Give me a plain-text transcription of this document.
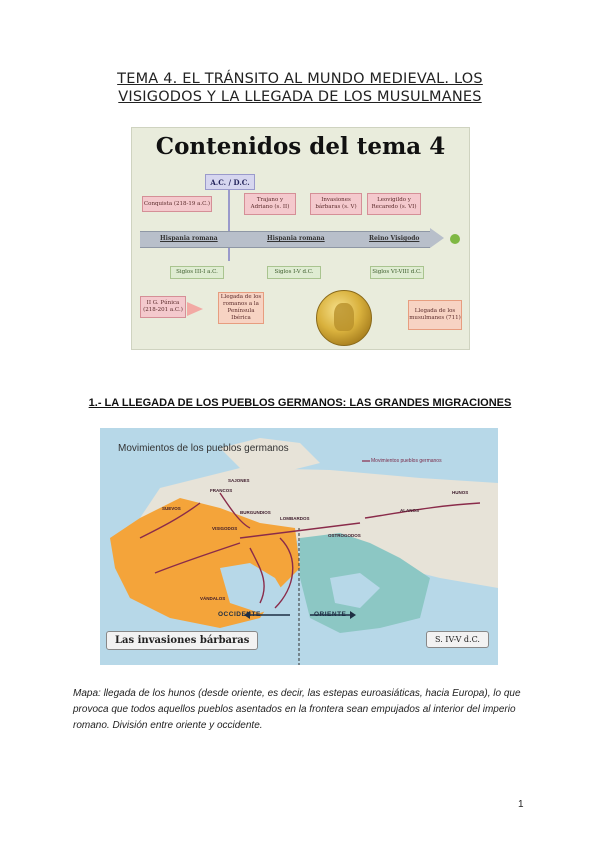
TEMA 4. EL TRÁNSITO AL MUNDO MEDIEVAL. LOS
VISIGODOS Y LA LLEGADA DE LOS MUSULMANES
Contenidos del tema 4
A.C. / D.C.
Conquista (218-19 a.C.)
Trajano y Adriano (s. II)
Invasiones bárbaras (s. V)
Leovigildo y Recaredo (s. VI)
Hispania romana	Hispania romana	Reino Visigodo
Siglos III-I a.C.	Siglos I-V d.C.	Siglos VI-VIII d.C.
II G. Púnica (218-201 a.C.)
Llegada de los romanos a la Península Ibérica
Llegada de los musulmanes (711)
1.- LA LLEGADA DE LOS PUEBLOS GERMANOS: LAS GRANDES MIGRACIONES
Movimientos de los pueblos germanos
Movimientos pueblos germanos
HUNOS
ALANOS
VÁNDALOS
OSTROGODOS
VISIGODOS
SUEVOS
FRANCOS
SAJONES
LOMBARDOS
BURGUNDIOS
OCCIDENTE	ORIENTE
Las invasiones bárbaras	S. IV-V d.C.
Mapa: llegada de los hunos (desde oriente, es decir, las estepas euroasiáticas, hacia Europa), lo que provoca que todos aquellos pueblos asentados en la frontera sean empujados al interior del imperio romano. División entre oriente y occidente.
1
